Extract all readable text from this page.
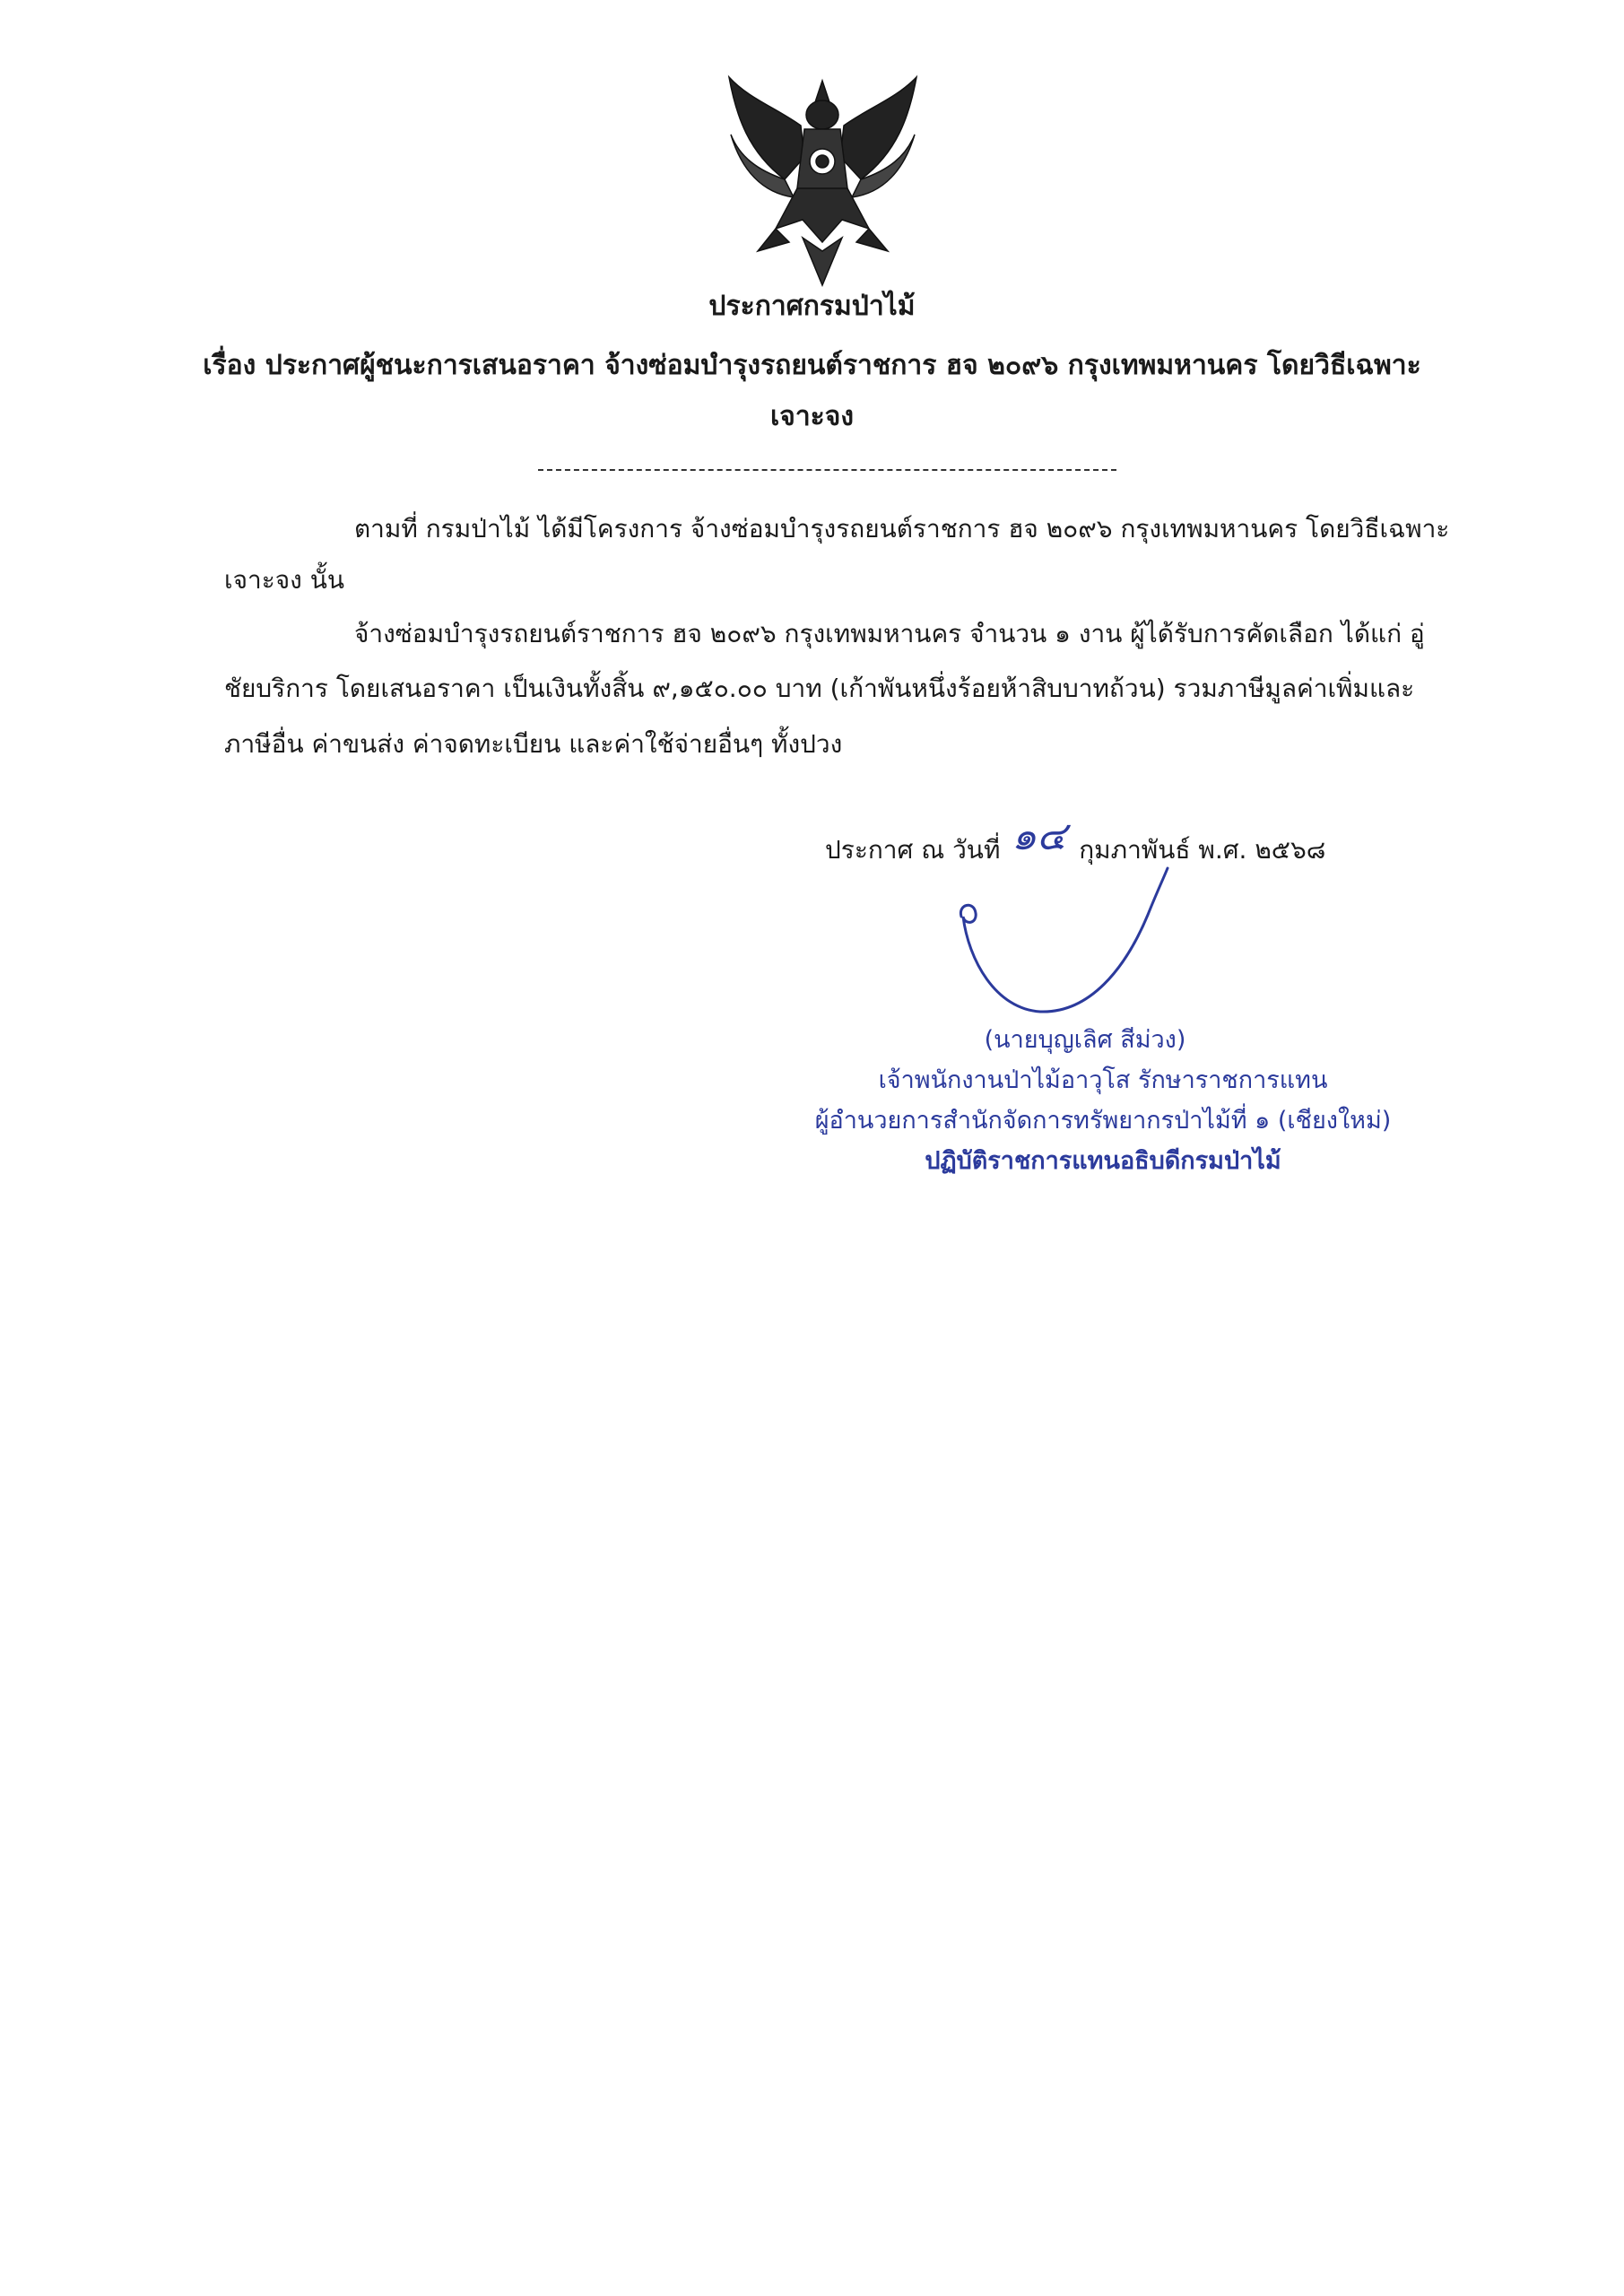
ประกาศกรมป่าไม้
เรื่อง ประกาศผู้ชนะการเสนอราคา จ้างซ่อมบำรุงรถยนต์ราชการ ฮจ ๒๐๙๖ กรุงเทพมหานคร โดยวิธีเฉพาะ
เจาะจง
ตามที่ กรมป่าไม้ ได้มีโครงการ จ้างซ่อมบำรุงรถยนต์ราชการ ฮจ ๒๐๙๖ กรุงเทพมหานคร โดยวิธีเฉพาะ
เจาะจง นั้น
จ้างซ่อมบำรุงรถยนต์ราชการ ฮจ ๒๐๙๖ กรุงเทพมหานคร จำนวน ๑ งาน ผู้ได้รับการคัดเลือก ได้แก่ อู่
ชัยบริการ โดยเสนอราคา เป็นเงินทั้งสิ้น ๙,๑๕๐.๐๐ บาท (เก้าพันหนึ่งร้อยห้าสิบบาทถ้วน) รวมภาษีมูลค่าเพิ่มและ
ภาษีอื่น ค่าขนส่ง ค่าจดทะเบียน และค่าใช้จ่ายอื่นๆ ทั้งปวง
ประกาศ ณ วันที่	กุมภาพันธ์ พ.ศ. ๒๕๖๘
๑๔
(นายบุญเลิศ สีม่วง)
เจ้าพนักงานป่าไม้อาวุโส รักษาราชการแทน
ผู้อำนวยการสำนักจัดการทรัพยากรป่าไม้ที่ ๑ (เชียงใหม่)
ปฏิบัติราชการแทนอธิบดีกรมป่าไม้
